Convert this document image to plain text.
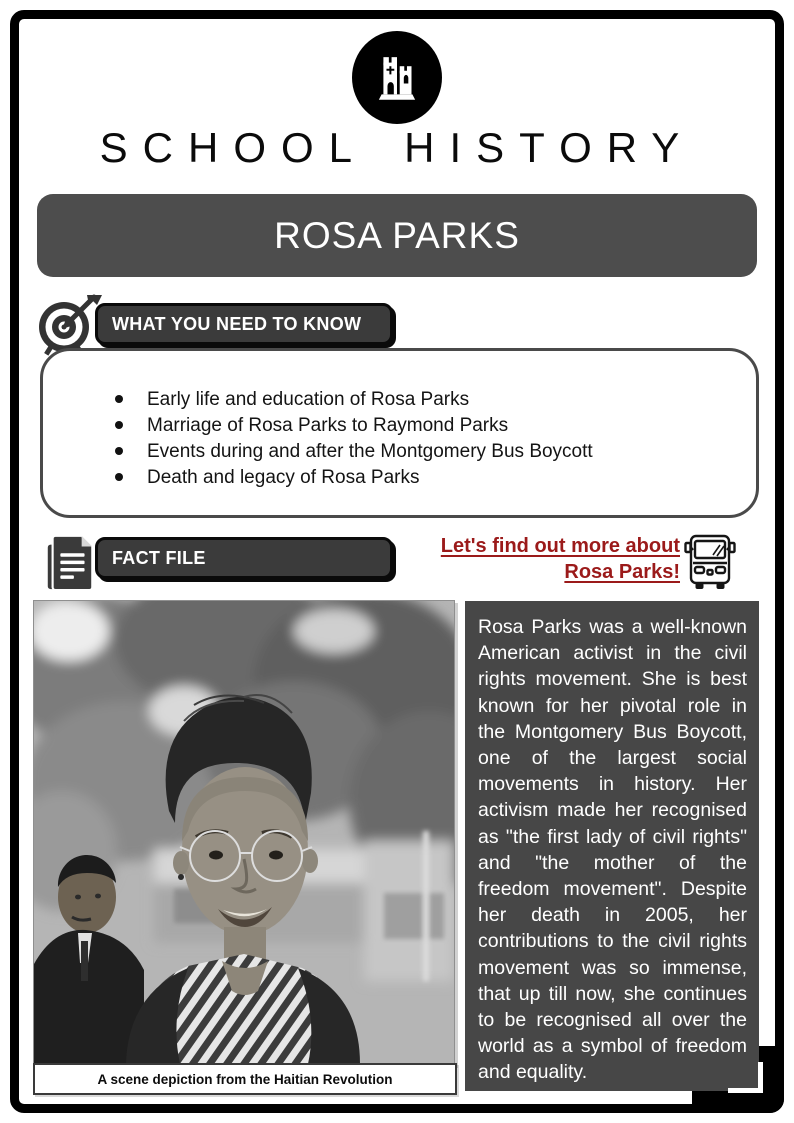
SCHOOL HISTORY
ROSA PARKS
WHAT YOU NEED TO KNOW
Early life and education of Rosa Parks
Marriage of Rosa Parks to Raymond Parks
Events during and after the Montgomery Bus Boycott
Death and legacy of Rosa Parks
FACT FILE
Let's find out more about
Rosa Parks!
A scene depiction from the Haitian Revolution
Rosa Parks was a well-known American activist in the civil rights movement. She is best known for her pivotal role in the Montgomery Bus Boycott, one of the largest social movements in history. Her activism made her recognised as "the first lady of civil rights" and "the mother of the freedom movement". Despite her death in 2005, her contributions to the civil rights movement was so immense, that up till now, she continues to be recognised all over the world as a symbol of freedom and equality.
